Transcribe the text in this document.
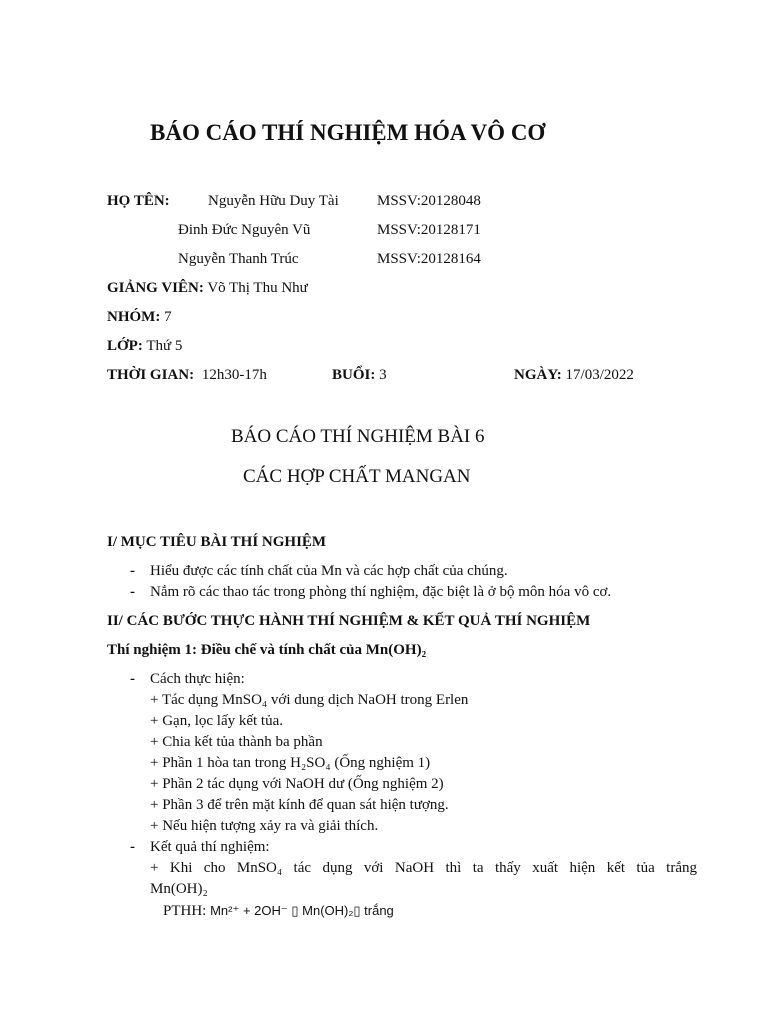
BÁO CÁO THÍ NGHIỆM HÓA VÔ CƠ
HỌ TÊN:	Nguyễn Hữu Duy Tài	MSSV:20128048
Đinh Đức Nguyên Vũ	MSSV:20128171
Nguyễn Thanh Trúc	MSSV:20128164
GIẢNG VIÊN: Võ Thị Thu Như
NHÓM: 7
LỚP: Thứ 5
THỜI GIAN: 12h30-17h	BUỔI: 3	NGÀY: 17/03/2022
BÁO CÁO THÍ NGHIỆM BÀI 6
CÁC HỢP CHẤT MANGAN
I/ MỤC TIÊU BÀI THÍ NGHIỆM
- Hiểu được các tính chất của Mn và các hợp chất của chúng.
- Nắm rõ các thao tác trong phòng thí nghiệm, đặc biệt là ở bộ môn hóa vô cơ.
II/ CÁC BƯỚC THỰC HÀNH THÍ NGHIỆM & KẾT QUẢ THÍ NGHIỆM
Thí nghiệm 1: Điều chế và tính chất của Mn(OH)₂
- Cách thực hiện:
+ Tác dụng MnSO₄ với dung dịch NaOH trong Erlen
+ Gạn, lọc lấy kết tủa.
+ Chia kết tủa thành ba phần
+ Phần 1 hòa tan trong H₂SO₄ (Ống nghiệm 1)
+ Phần 2 tác dụng với NaOH dư (Ống nghiệm 2)
+ Phần 3 để trên mặt kính để quan sát hiện tượng.
+ Nếu hiện tượng xảy ra và giải thích.
- Kết quả thí nghiệm:
+ Khi cho MnSO₄ tác dụng với NaOH thì ta thấy xuất hiện kết tủa trắng
Mn(OH)₂
PTHH: Mn²⁺ + 2OH⁻ ▯ Mn(OH)₂▯ trắng
